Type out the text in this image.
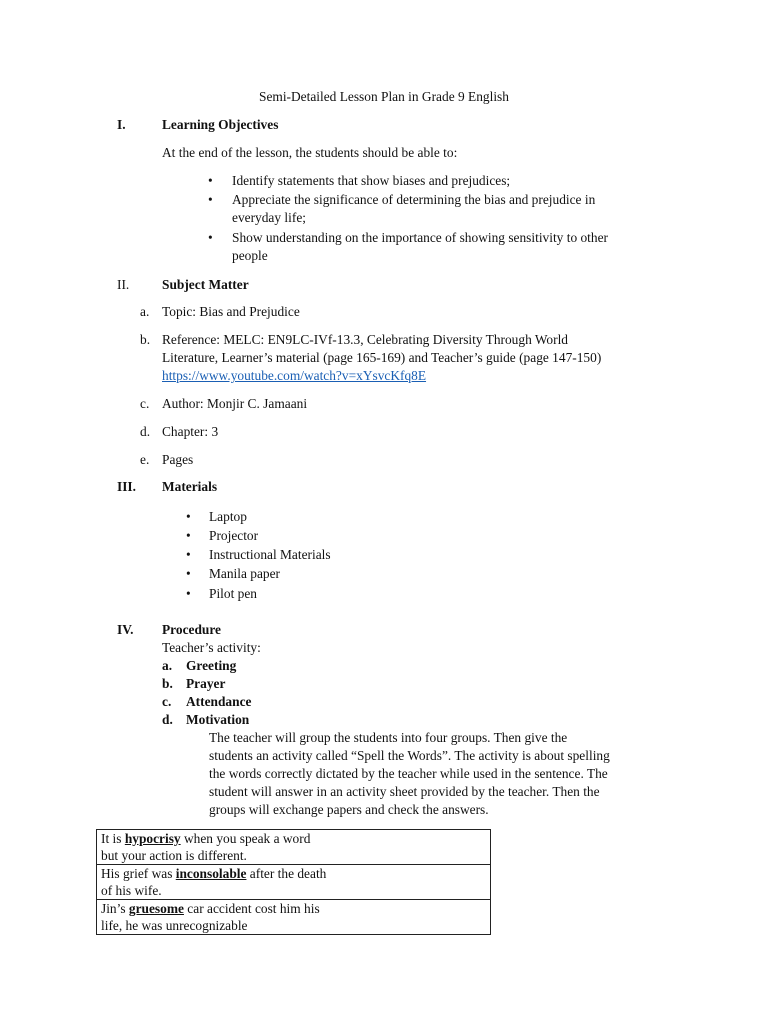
Semi-Detailed Lesson Plan in Grade 9 English
I.	Learning Objectives
At the end of the lesson, the students should be able to:
• Identify statements that show biases and prejudices;
• Appreciate the significance of determining the bias and prejudice in
everyday life;
• Show understanding on the importance of showing sensitivity to other
people
II. Subject Matter
a. Topic: Bias and Prejudice
b. Reference: MELC: EN9LC-IVf-13.3, Celebrating Diversity Through World
Literature, Learner’s material (page 165-169) and Teacher’s guide (page 147-150)
https://www.youtube.com/watch?v=xYsvcKfq8E
c. Author: Monjir C. Jamaani
d. Chapter: 3
e. Pages
III. Materials
• Laptop
• Projector
• Instructional Materials
• Manila paper
• Pilot pen
IV. Procedure
Teacher’s activity:
a. Greeting
b. Prayer
c. Attendance
d. Motivation
The teacher will group the students into four groups. Then give the
students an activity called “Spell the Words”. The activity is about spelling
the words correctly dictated by the teacher while used in the sentence. The
student will answer in an activity sheet provided by the teacher. Then the
groups will exchange papers and check the answers.
It is hypocrisy when you speak a word
but your action is different.
His grief was inconsolable after the death
of his wife.
Jin’s gruesome car accident cost him his
life, he was unrecognizable
